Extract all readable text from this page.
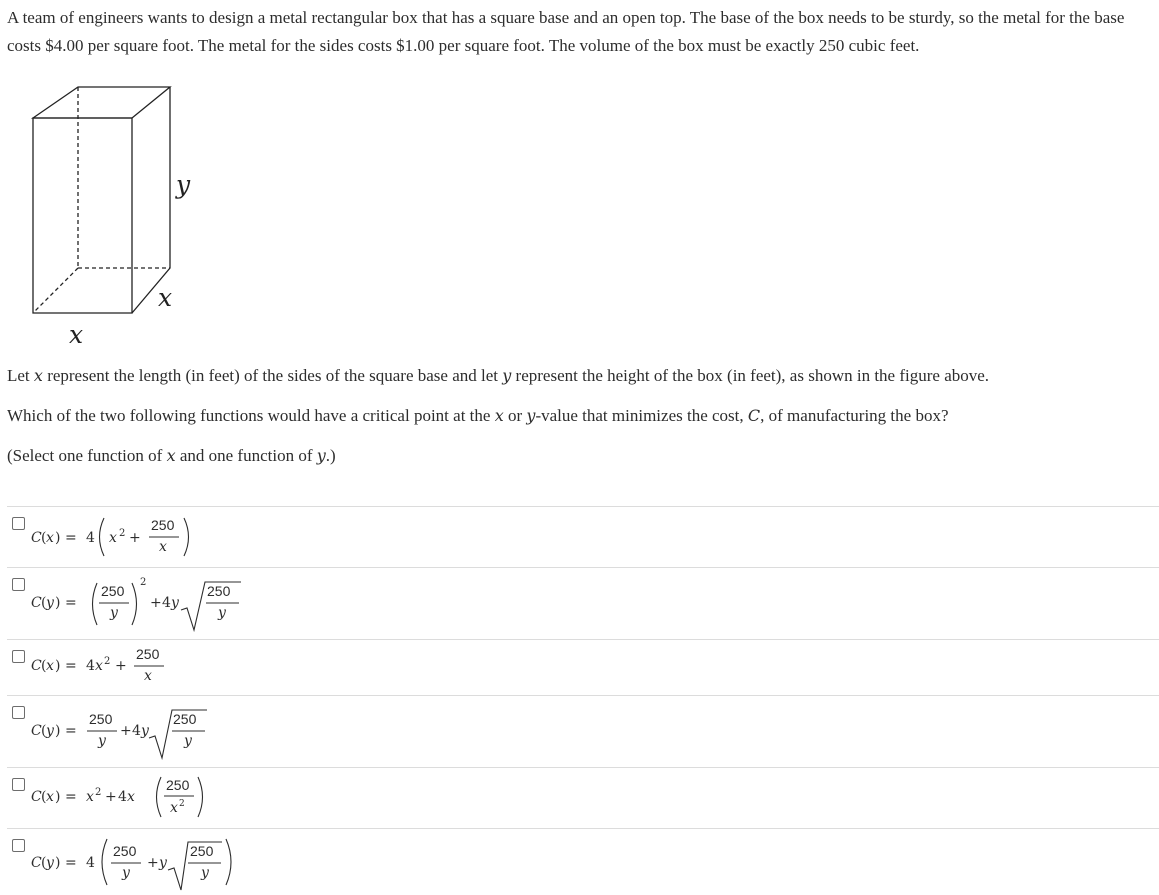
A team of engineers wants to design a metal rectangular box that has a square base and an open top. The base of the box needs to be sturdy, so the metal for the base costs $4.00 per square foot. The metal for the sides costs $1.00 per square foot. The volume of the box must be exactly 250 cubic feet.

x
x
y

Let x represent the length (in feet) of the sides of the square base and let y represent the height of the box (in feet), as shown in the figure above.

Which of the two following functions would have a critical point at the x or y-value that minimizes the cost, C, of manufacturing the box?

(Select one function of x and one function of y.)

C ( x ) = 4 x 2 +
250
x
C ( y ) =
250
y
2
+ 4 y
250
y
C ( x ) = 4 x 2 +
250
x
C ( y ) =
250
y
+ 4 y
250
y
C ( x ) = x 2 + 4 x
250
x 2
C ( y ) = 4
250
y
+ y
250
y
